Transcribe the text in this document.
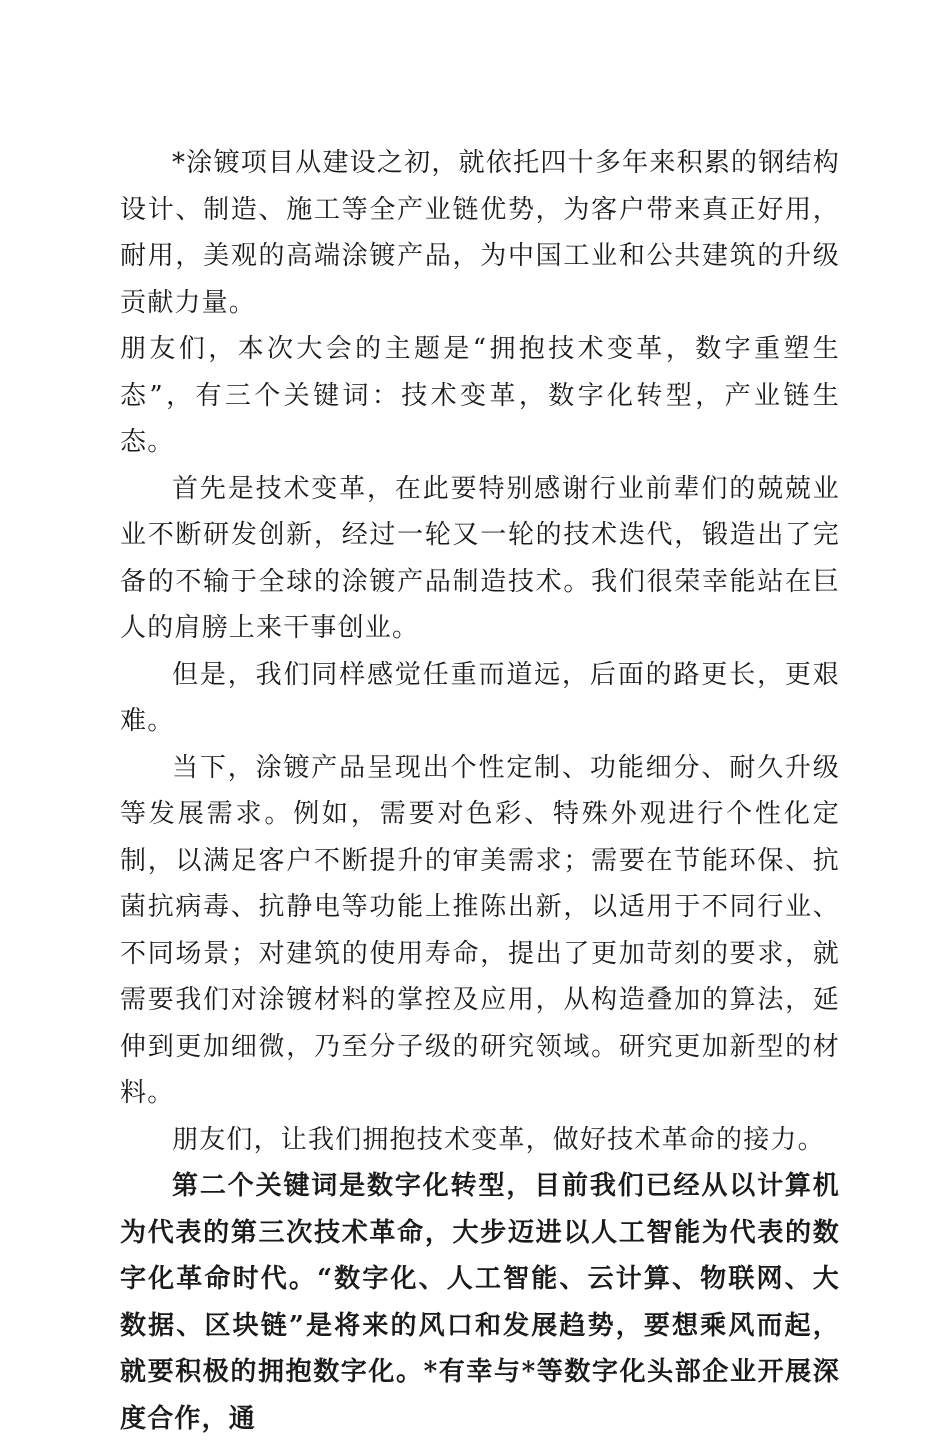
*涂镀项目从建设之初，就依托四十多年来积累的钢结构设计、制造、施工等全产业链优势，为客户带来真正好用，耐用，美观的高端涂镀产品，为中国工业和公共建筑的升级贡献力量。

朋友们，本次大会的主题是“拥抱技术变革，数字重塑生态”，有三个关键词：技术变革，数字化转型，产业链生态。

首先是技术变革，在此要特别感谢行业前辈们的兢兢业业不断研发创新，经过一轮又一轮的技术迭代，锻造出了完备的不输于全球的涂镀产品制造技术。我们很荣幸能站在巨人的肩膀上来干事创业。

但是，我们同样感觉任重而道远，后面的路更长，更艰难。

当下，涂镀产品呈现出个性定制、功能细分、耐久升级等发展需求。例如，需要对色彩、特殊外观进行个性化定制，以满足客户不断提升的审美需求；需要在节能环保、抗菌抗病毒、抗静电等功能上推陈出新，以适用于不同行业、不同场景；对建筑的使用寿命，提出了更加苛刻的要求，就需要我们对涂镀材料的掌控及应用，从构造叠加的算法，延伸到更加细微，乃至分子级的研究领域。研究更加新型的材料。

朋友们，让我们拥抱技术变革，做好技术革命的接力。

第二个关键词是数字化转型，目前我们已经从以计算机为代表的第三次技术革命，大步迈进以人工智能为代表的数字化革命时代。“数字化、人工智能、云计算、物联网、大数据、区块链”是将来的风口和发展趋势，要想乘风而起，就要积极的拥抱数字化。*有幸与*等数字化头部企业开展深度合作，通
